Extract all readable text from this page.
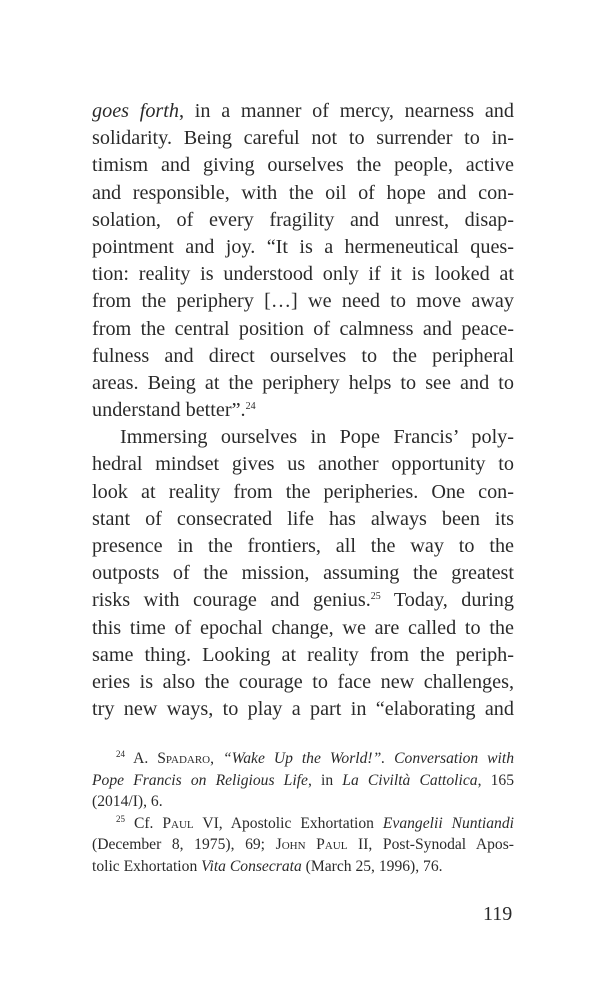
goes forth, in a manner of mercy, nearness and
solidarity. Being careful not to surrender to in-
timism and giving ourselves the people, active
and responsible, with the oil of hope and con-
solation, of every fragility and unrest, disap-
pointment and joy. “It is a hermeneutical ques-
tion: reality is understood only if it is looked at
from the periphery […] we need to move away
from the central position of calmness and peace-
fulness and direct ourselves to the peripheral
areas. Being at the periphery helps to see and to
understand better”.$^{24}$

Immersing ourselves in Pope Francis’ poly-
hedral mindset gives us another opportunity to
look at reality from the peripheries. One con-
stant of consecrated life has always been its
presence in the frontiers, all the way to the
outposts of the mission, assuming the greatest
risks with courage and genius.$^{25}$ Today, during
this time of epochal change, we are called to the
same thing. Looking at reality from the periph-
eries is also the courage to face new challenges,
try new ways, to play a part in “elaborating and

$^{24}$ A. Spadaro, “Wake Up the World!”. Conversation with
Pope Francis on Religious Life, in La Civiltà Cattolica, 165
(2014/I), 6.
$^{25}$ Cf. Paul VI, Apostolic Exhortation Evangelii Nuntiandi
(December 8, 1975), 69; John Paul II, Post-Synodal Apos-
tolic Exhortation Vita Consecrata (March 25, 1996), 76.
119
